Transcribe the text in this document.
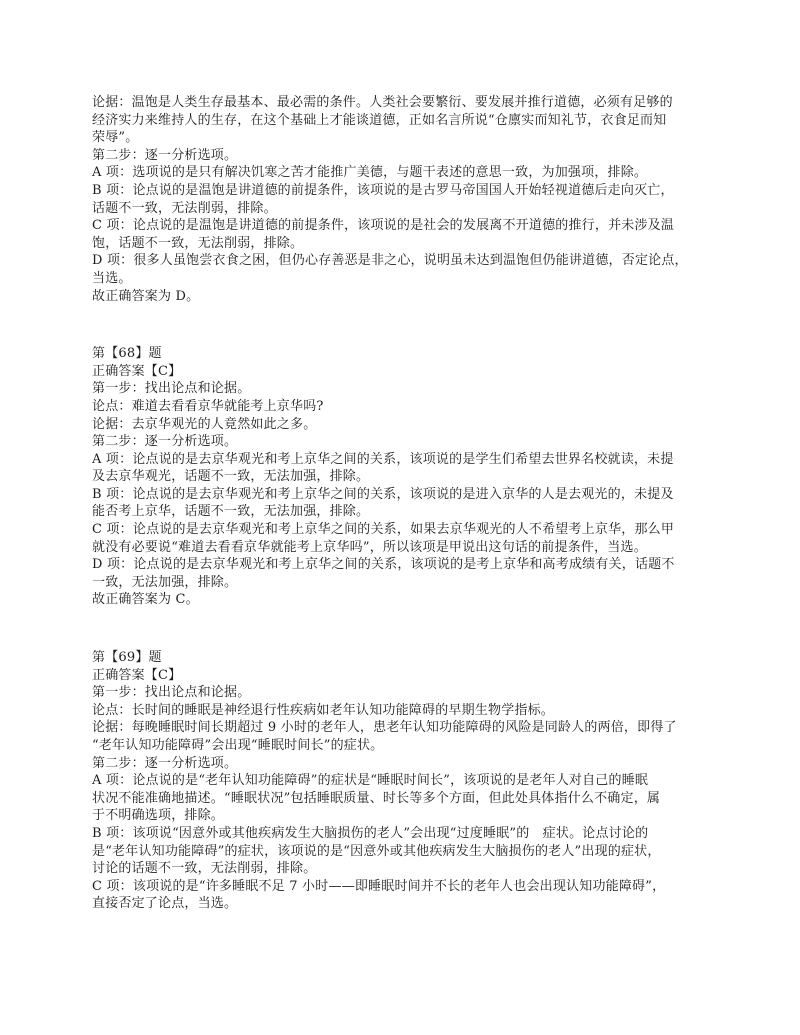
论据：温饱是人类生存最基本、最必需的条件。人类社会要繁衍、要发展并推行道德，必须有足够的
经济实力来维持人的生存，在这个基础上才能谈道德，正如名言所说“仓廪实而知礼节，衣食足而知
荣辱”。
第二步：逐一分析选项。
A 项：选项说的是只有解决饥寒之苦才能推广美德，与题干表述的意思一致，为加强项，排除。
B 项：论点说的是温饱是讲道德的前提条件，该项说的是古罗马帝国国人开始轻视道德后走向灭亡，
话题不一致，无法削弱，排除。
C 项：论点说的是温饱是讲道德的前提条件，该项说的是社会的发展离不开道德的推行，并未涉及温
饱，话题不一致，无法削弱，排除。
D 项：很多人虽饱尝衣食之困，但仍心存善恶是非之心，说明虽未达到温饱但仍能讲道德，否定论点，
当选。
故正确答案为 D。
第【68】题
正确答案【C】
第一步：找出论点和论据。
论点：难道去看看京华就能考上京华吗?
论据：去京华观光的人竟然如此之多。
第二步：逐一分析选项。
A 项：论点说的是去京华观光和考上京华之间的关系，该项说的是学生们希望去世界名校就读，未提
及去京华观光，话题不一致，无法加强，排除。
B 项：论点说的是去京华观光和考上京华之间的关系，该项说的是进入京华的人是去观光的，未提及
能否考上京华，话题不一致，无法加强，排除。
C 项：论点说的是去京华观光和考上京华之间的关系，如果去京华观光的人不希望考上京华，那么甲
就没有必要说“难道去看看京华就能考上京华吗”，所以该项是甲说出这句话的前提条件，当选。
D 项：论点说的是去京华观光和考上京华之间的关系，该项说的是考上京华和高考成绩有关，话题不
一致，无法加强，排除。
故正确答案为 C。
第【69】题
正确答案【C】
第一步：找出论点和论据。
论点：长时间的睡眠是神经退行性疾病如老年认知功能障碍的早期生物学指标。
论据：每晚睡眠时间长期超过 9 小时的老年人，患老年认知功能障碍的风险是同龄人的两倍，即得了
“老年认知功能障碍”会出现“睡眠时间长”的症状。
第二步：逐一分析选项。
A 项：论点说的是“老年认知功能障碍”的症状是“睡眠时间长”，该项说的是老年人对自己的睡眠
状况不能准确地描述。“睡眠状况”包括睡眠质量、时长等多个方面，但此处具体指什么不确定，属
于不明确选项，排除。
B 项：该项说“因意外或其他疾病发生大脑损伤的老人”会出现“过度睡眠”的　症状。论点讨论的
是“老年认知功能障碍”的症状，该项说的是“因意外或其他疾病发生大脑损伤的老人”出现的症状，
讨论的话题不一致，无法削弱，排除。
C 项：该项说的是“许多睡眠不足 7 小时——即睡眠时间并不长的老年人也会出现认知功能障碍”，
直接否定了论点，当选。
